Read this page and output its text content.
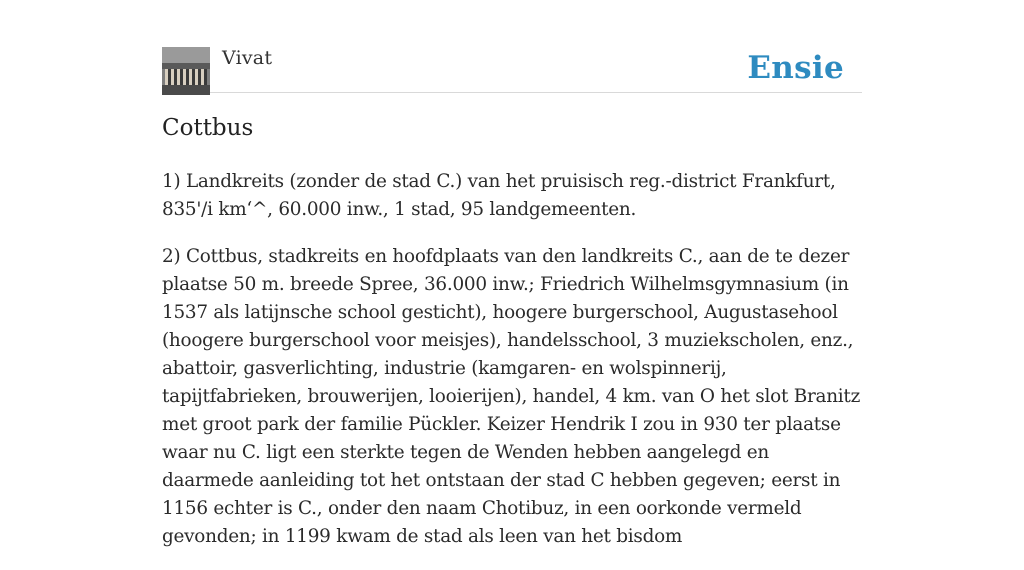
Vivat	Ensie
Cottbus

1) Landkreits (zonder de stad C.) van het pruisisch reg.-district Frankfurt, 835'/i km‘^, 60.000 inw., 1 stad, 95 landgemeenten.

2) Cottbus, stadkreits en hoofdplaats van den landkreits C., aan de te dezer plaatse 50 m. breede Spree, 36.000 inw.; Friedrich Wilhelmsgymnasium (in 1537 als latijnsche school gesticht), hoogere burgerschool, Augustasehool (hoogere burgerschool voor meisjes), handelsschool, 3 muziekscholen, enz., abattoir, gasverlichting, industrie (kamgaren- en wolspinnerij, tapijtfabrieken, brouwerijen, looierijen), handel, 4 km. van O het slot Branitz met groot park der familie Pückler. Keizer Hendrik I zou in 930 ter plaatse waar nu C. ligt een sterkte tegen de Wenden hebben aangelegd en daarmede aanleiding tot het ontstaan der stad C hebben gegeven; eerst in 1156 echter is C., onder den naam Chotibuz, in een oorkonde vermeld gevonden; in 1199 kwam de stad als leen van het bisdom
